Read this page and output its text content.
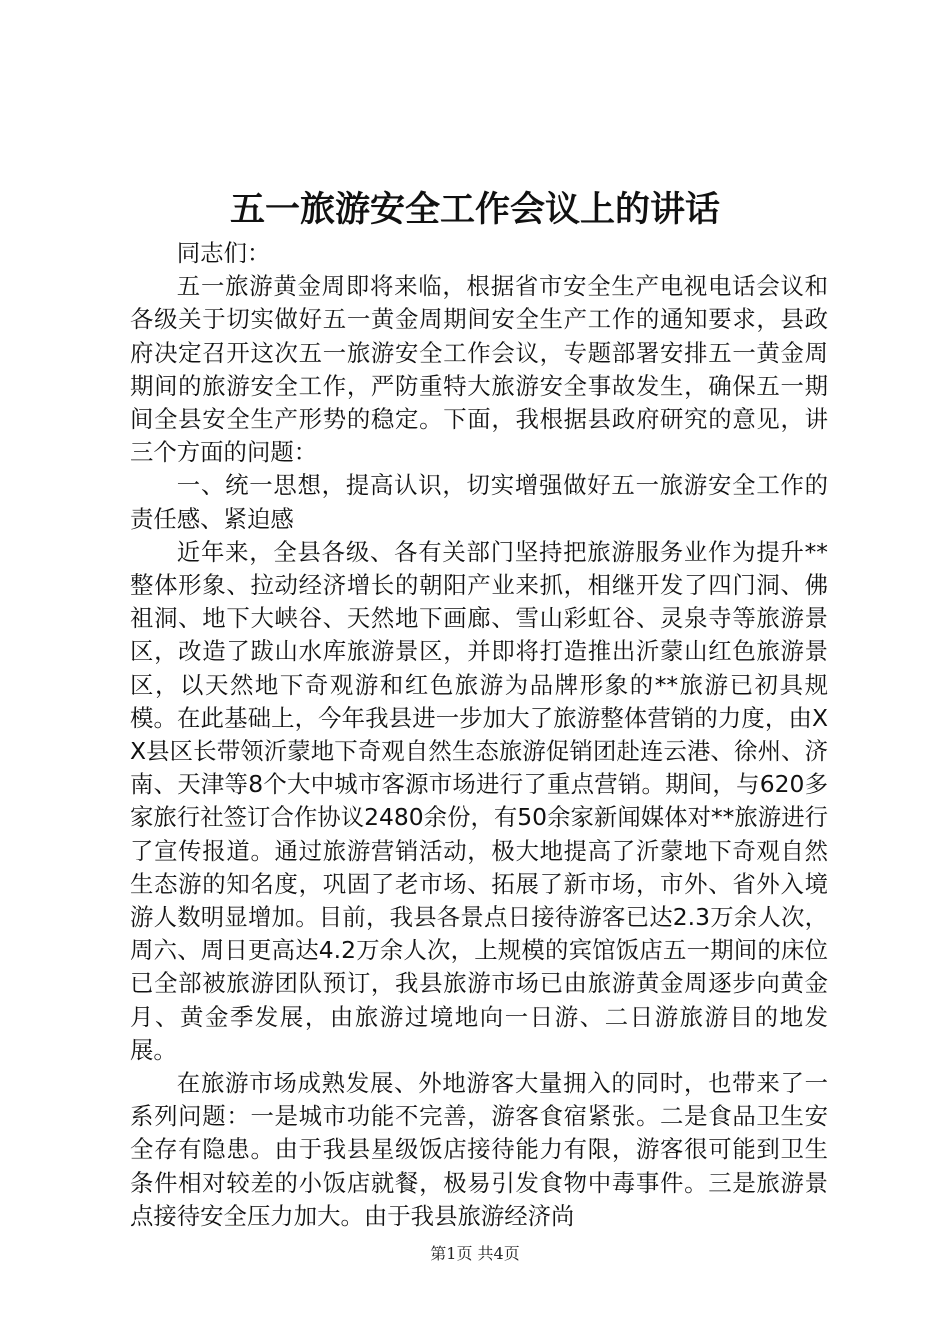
五一旅游安全工作会议上的讲话

同志们：

五一旅游黄金周即将来临，根据省市安全生产电视电话会议和各级关于切实做好五一黄金周期间安全生产工作的通知要求，县政府决定召开这次五一旅游安全工作会议，专题部署安排五一黄金周期间的旅游安全工作，严防重特大旅游安全事故发生，确保五一期间全县安全生产形势的稳定。下面，我根据县政府研究的意见，讲三个方面的问题：

一、统一思想，提高认识，切实增强做好五一旅游安全工作的责任感、紧迫感

近年来，全县各级、各有关部门坚持把旅游服务业作为提升**整体形象、拉动经济增长的朝阳产业来抓，相继开发了四门洞、佛祖洞、地下大峡谷、天然地下画廊、雪山彩虹谷、灵泉寺等旅游景区，改造了跋山水库旅游景区，并即将打造推出沂蒙山红色旅游景区，以天然地下奇观游和红色旅游为品牌形象的**旅游已初具规模。在此基础上，今年我县进一步加大了旅游整体营销的力度，由XX县区长带领沂蒙地下奇观自然生态旅游促销团赴连云港、徐州、济南、天津等8个大中城市客源市场进行了重点营销。期间，与620多家旅行社签订合作协议2480余份，有50余家新闻媒体对**旅游进行了宣传报道。通过旅游营销活动，极大地提高了沂蒙地下奇观自然生态游的知名度，巩固了老市场、拓展了新市场，市外、省外入境游人数明显增加。目前，我县各景点日接待游客已达2.3万余人次，周六、周日更高达4.2万余人次，上规模的宾馆饭店五一期间的床位已全部被旅游团队预订，我县旅游市场已由旅游黄金周逐步向黄金月、黄金季发展，由旅游过境地向一日游、二日游旅游目的地发展。

在旅游市场成熟发展、外地游客大量拥入的同时，也带来了一系列问题：一是城市功能不完善，游客食宿紧张。二是食品卫生安全存有隐患。由于我县星级饭店接待能力有限，游客很可能到卫生条件相对较差的小饭店就餐，极易引发食物中毒事件。三是旅游景点接待安全压力加大。由于我县旅游经济尚

第1页 共4页
